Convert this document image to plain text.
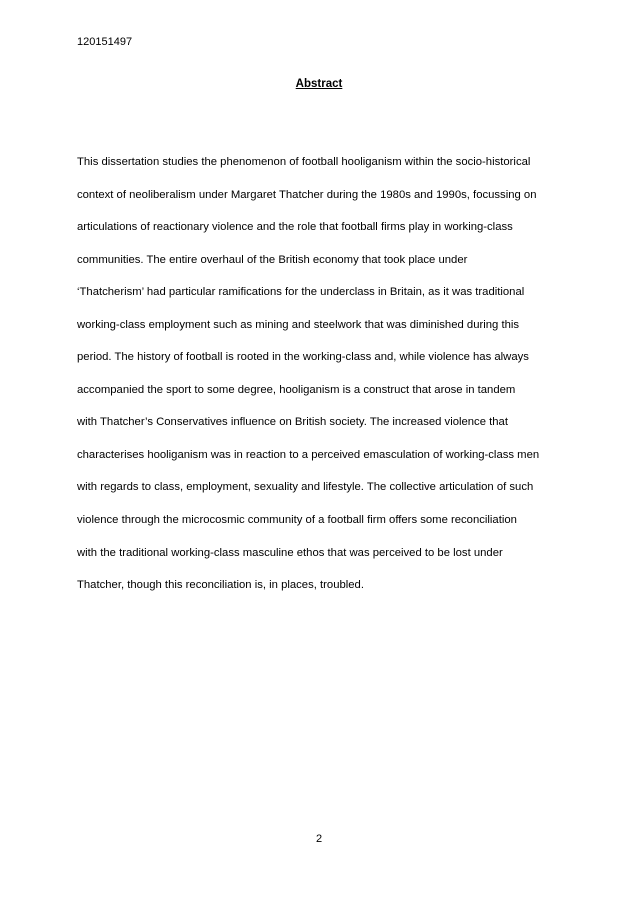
120151497
Abstract
This dissertation studies the phenomenon of football hooliganism within the socio-historical
context of neoliberalism under Margaret Thatcher during the 1980s and 1990s, focussing on
articulations of reactionary violence and the role that football firms play in working-class
communities. The entire overhaul of the British economy that took place under
‘Thatcherism’ had particular ramifications for the underclass in Britain, as it was traditional
working-class employment such as mining and steelwork that was diminished during this
period. The history of football is rooted in the working-class and, while violence has always
accompanied the sport to some degree, hooliganism is a construct that arose in tandem
with Thatcher’s Conservatives influence on British society. The increased violence that
characterises hooliganism was in reaction to a perceived emasculation of working-class men
with regards to class, employment, sexuality and lifestyle. The collective articulation of such
violence through the microcosmic community of a football firm offers some reconciliation
with the traditional working-class masculine ethos that was perceived to be lost under
Thatcher, though this reconciliation is, in places, troubled.
2
